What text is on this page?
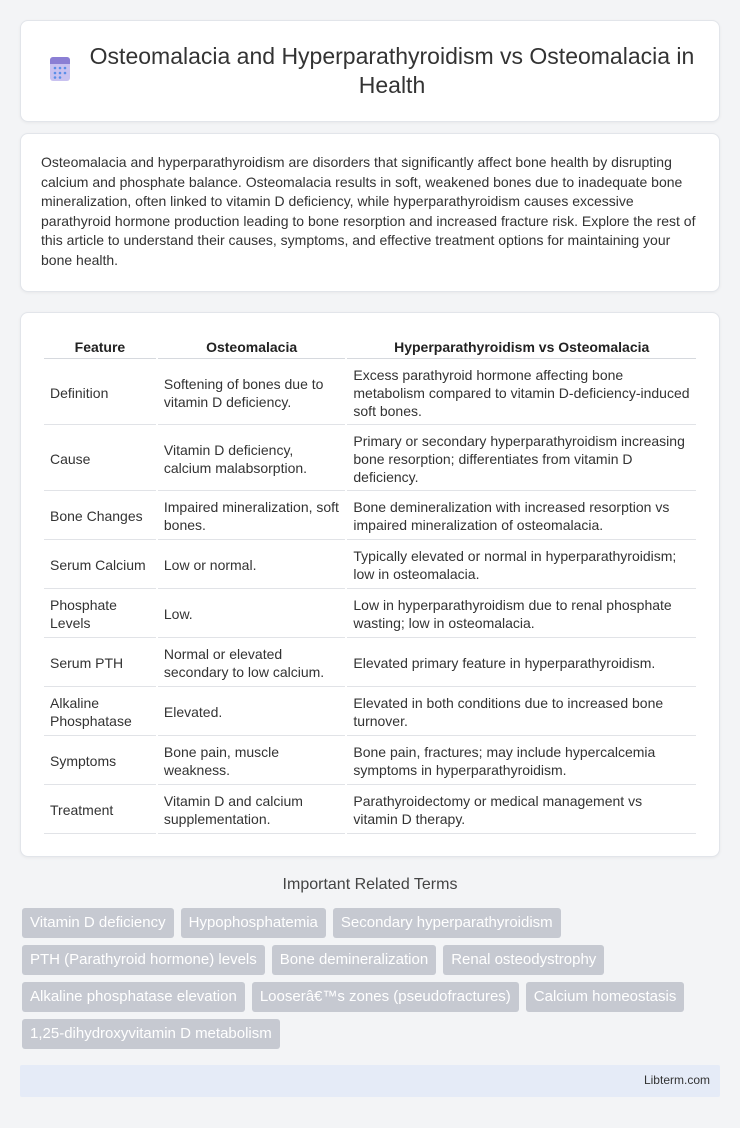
Osteomalacia and Hyperparathyroidism vs Osteomalacia in Health

Osteomalacia and hyperparathyroidism are disorders that significantly affect bone health by disrupting calcium and phosphate balance. Osteomalacia results in soft, weakened bones due to inadequate bone mineralization, often linked to vitamin D deficiency, while hyperparathyroidism causes excessive parathyroid hormone production leading to bone resorption and increased fracture risk. Explore the rest of this article to understand their causes, symptoms, and effective treatment options for maintaining your bone health.

Feature	Osteomalacia	Hyperparathyroidism vs Osteomalacia
Definition	Softening of bones due to vitamin D deficiency.	Excess parathyroid hormone affecting bone metabolism compared to vitamin D-deficiency-induced soft bones.
Cause	Vitamin D deficiency, calcium malabsorption.	Primary or secondary hyperparathyroidism increasing bone resorption; differentiates from vitamin D deficiency.
Bone Changes	Impaired mineralization, soft bones.	Bone demineralization with increased resorption vs impaired mineralization of osteomalacia.
Serum Calcium	Low or normal.	Typically elevated or normal in hyperparathyroidism; low in osteomalacia.
Phosphate Levels	Low.	Low in hyperparathyroidism due to renal phosphate wasting; low in osteomalacia.
Serum PTH	Normal or elevated secondary to low calcium.	Elevated primary feature in hyperparathyroidism.
Alkaline Phosphatase	Elevated.	Elevated in both conditions due to increased bone turnover.
Symptoms	Bone pain, muscle weakness.	Bone pain, fractures; may include hypercalcemia symptoms in hyperparathyroidism.
Treatment	Vitamin D and calcium supplementation.	Parathyroidectomy or medical management vs vitamin D therapy.
Important Related Terms
Vitamin D deficiency	Hypophosphatemia	Secondary hyperparathyroidism
PTH (Parathyroid hormone) levels	Bone demineralization	Renal osteodystrophy
Alkaline phosphatase elevation	Looserâ€™s zones (pseudofractures)	Calcium homeostasis
1,25-dihydroxyvitamin D metabolism
Libterm.com
